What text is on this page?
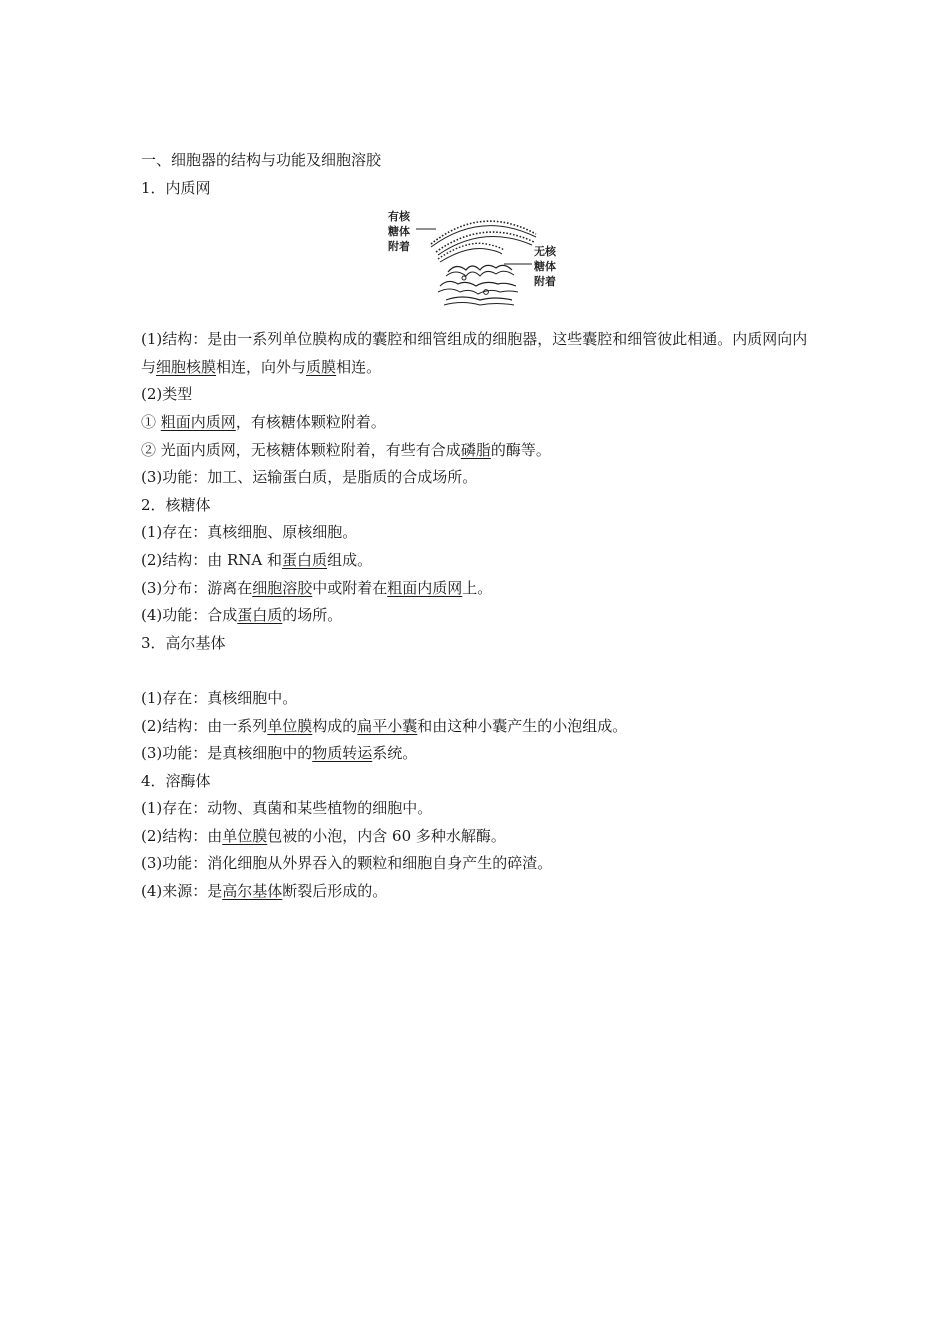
一、细胞器的结构与功能及细胞溶胶
1．内质网
有核
糖体
附着	无核
糖体
附着
(1)结构：是由一系列单位膜构成的囊腔和细管组成的细胞器，这些囊腔和细管彼此相通。内质网向内与细胞核膜相连，向外与质膜相连。
(2)类型
① 粗面内质网，有核糖体颗粒附着。
② 光面内质网，无核糖体颗粒附着，有些有合成磷脂的酶等。
(3)功能：加工、运输蛋白质，是脂质的合成场所。
2．核糖体
(1)存在：真核细胞、原核细胞。
(2)结构：由 RNA 和蛋白质组成。
(3)分布：游离在细胞溶胶中或附着在粗面内质网上。
(4)功能：合成蛋白质的场所。
3．高尔基体
(1)存在：真核细胞中。
(2)结构：由一系列单位膜构成的扁平小囊和由这种小囊产生的小泡组成。
(3)功能：是真核细胞中的物质转运系统。
4．溶酶体
(1)存在：动物、真菌和某些植物的细胞中。
(2)结构：由单位膜包被的小泡，内含 60 多种水解酶。
(3)功能：消化细胞从外界吞入的颗粒和细胞自身产生的碎渣。
(4)来源：是高尔基体断裂后形成的。
